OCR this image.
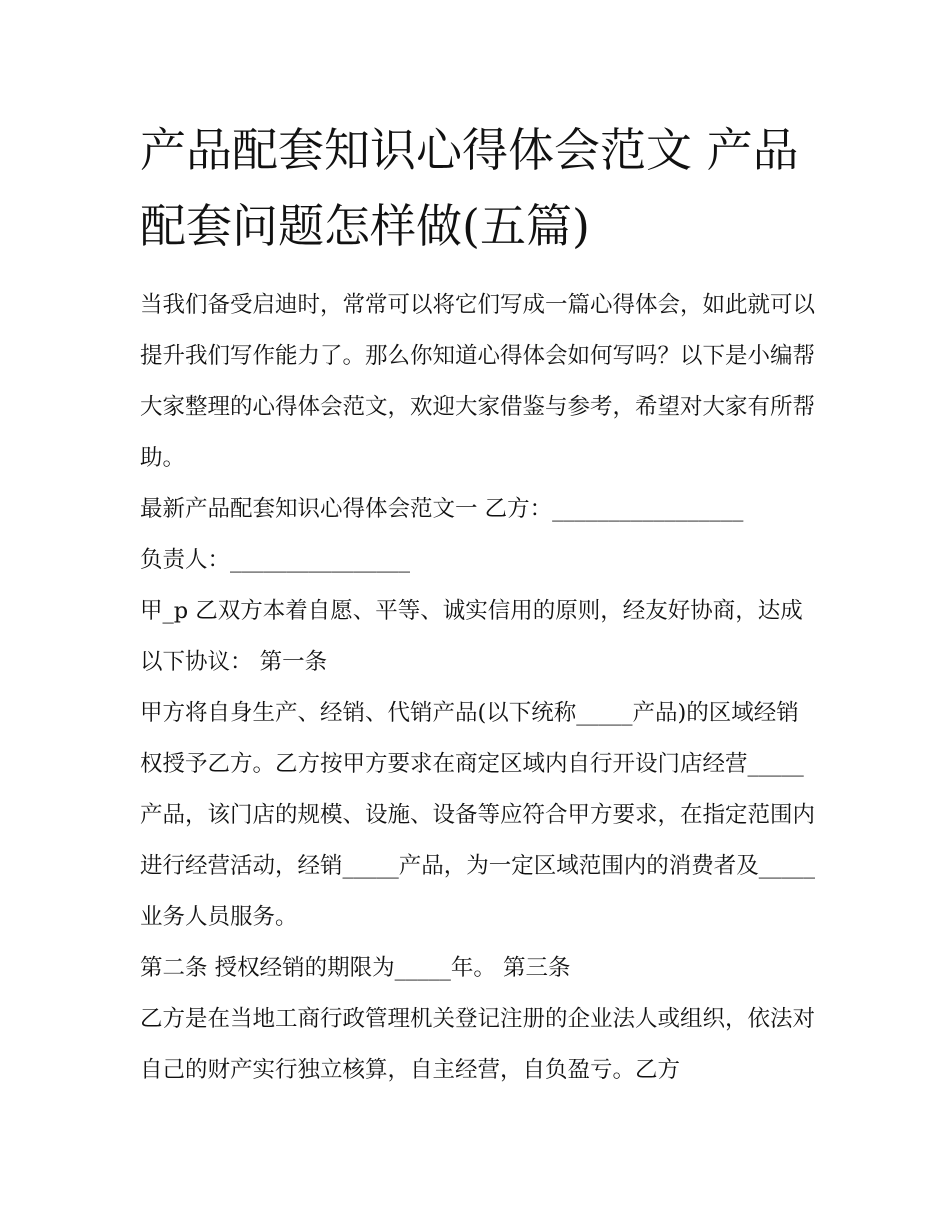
产品配套知识心得体会范文 产品配套问题怎样做(五篇)

当我们备受启迪时，常常可以将它们写成一篇心得体会，如此就可以提升我们写作能力了。那么你知道心得体会如何写吗？以下是小编帮大家整理的心得体会范文，欢迎大家借鉴与参考，希望对大家有所帮助。

最新产品配套知识心得体会范文一 乙方：_________________

负责人：________________

甲_p 乙双方本着自愿、平等、诚实信用的原则，经友好协商，达成以下协议： 第一条

甲方将自身生产、经销、代销产品(以下统称_____产品)的区域经销权授予乙方。乙方按甲方要求在商定区域内自行开设门店经营_____产品，该门店的规模、设施、设备等应符合甲方要求，在指定范围内进行经营活动，经销_____产品，为一定区域范围内的消费者及_____业务人员服务。

第二条 授权经销的期限为_____年。 第三条

乙方是在当地工商行政管理机关登记注册的企业法人或组织，依法对自己的财产实行独立核算，自主经营，自负盈亏。乙方
